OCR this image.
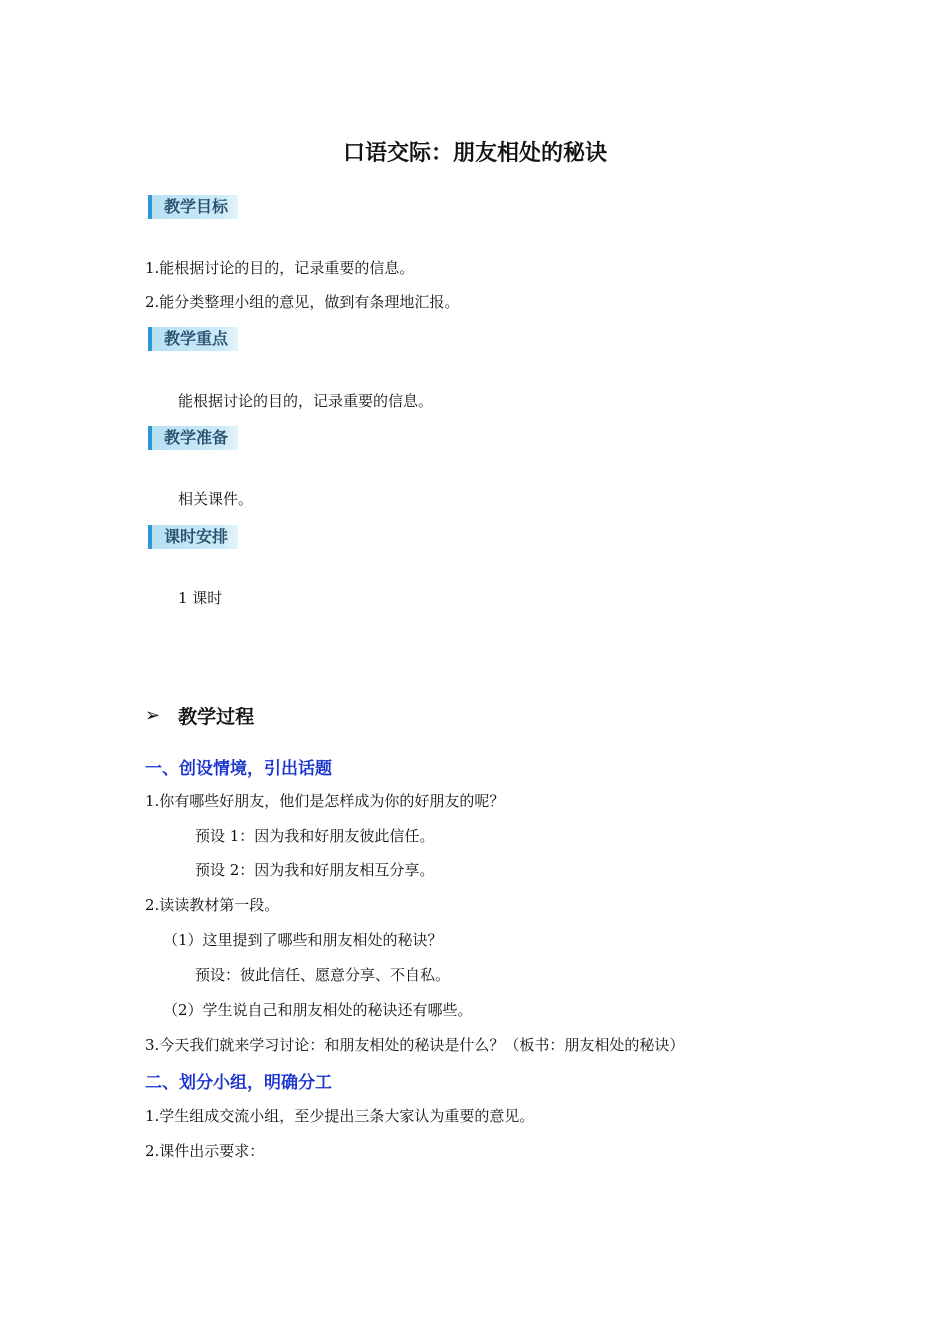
口语交际：朋友相处的秘诀
教学目标
1.能根据讨论的目的，记录重要的信息。
2.能分类整理小组的意见，做到有条理地汇报。
教学重点
能根据讨论的目的，记录重要的信息。
教学准备
相关课件。
课时安排
1 课时
➢ 教学过程
一、创设情境，引出话题
1.你有哪些好朋友，他们是怎样成为你的好朋友的呢？
预设 1：因为我和好朋友彼此信任。
预设 2：因为我和好朋友相互分享。
2.读读教材第一段。
（1）这里提到了哪些和朋友相处的秘诀？
预设：彼此信任、愿意分享、不自私。
（2）学生说自己和朋友相处的秘诀还有哪些。
3.今天我们就来学习讨论：和朋友相处的秘诀是什么？（板书：朋友相处的秘诀）
二、划分小组，明确分工
1.学生组成交流小组，至少提出三条大家认为重要的意见。
2.课件出示要求：
